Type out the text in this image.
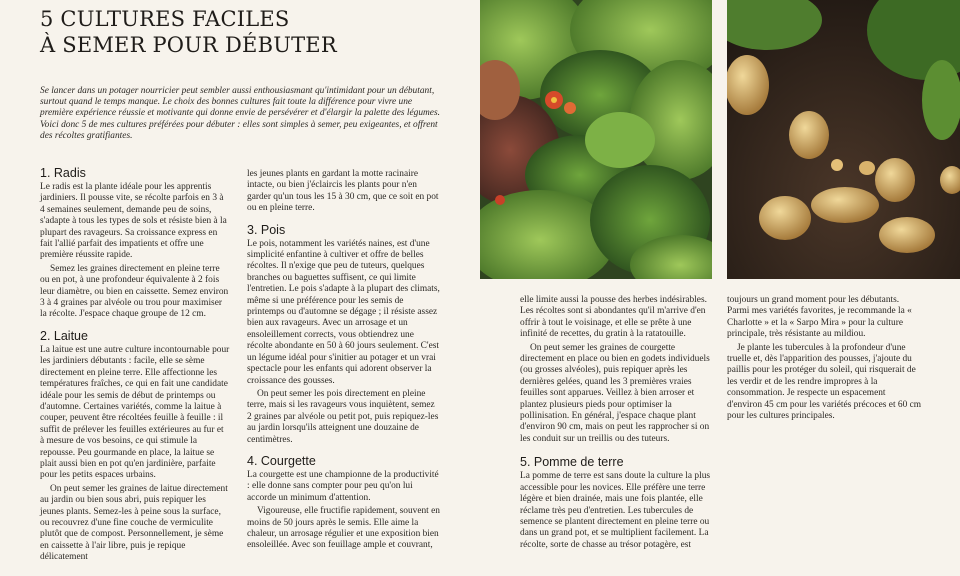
5 CULTURES FACILES
À SEMER POUR DÉBUTER

Se lancer dans un potager nourricier peut sembler aussi enthousiasmant qu'intimidant pour un débutant, surtout quand le temps manque. Le choix des bonnes cultures fait toute la différence pour vivre une première expérience réussie et motivante qui donne envie de persévérer et d'élargir la palette des légumes. Voici donc 5 de mes cultures préférées pour débuter : elles sont simples à semer, peu exigeantes, et offrent des récoltes gratifiantes.

1. Radis

Le radis est la plante idéale pour les apprentis jardiniers. Il pousse vite, se récolte parfois en 3 à 4 semaines seulement, demande peu de soins, s'adapte à tous les types de sols et résiste bien à la plupart des ravageurs. Sa croissance express en fait l'allié parfait des impatients et offre une première réussite rapide.

Semez les graines directement en pleine terre ou en pot, à une profondeur équivalente à 2 fois leur diamètre, ou bien en caissette. Semez environ 3 à 4 graines par alvéole ou trou pour maximiser la récolte. J'espace chaque groupe de 12 cm.

2. Laitue

La laitue est une autre culture incontournable pour les jardiniers débutants : facile, elle se sème directement en pleine terre. Elle affectionne les températures fraîches, ce qui en fait une candidate idéale pour les semis de début de printemps ou d'automne. Certaines variétés, comme la laitue à couper, peuvent être récoltées feuille à feuille : il suffit de prélever les feuilles extérieures au fur et à mesure de vos besoins, ce qui stimule la repousse. Peu gourmande en place, la laitue se plait aussi bien en pot qu'en jardinière, parfaite pour les petits espaces urbains.

On peut semer les graines de laitue directement au jardin ou bien sous abri, puis repiquer les jeunes plants. Semez-les à peine sous la surface, ou recouvrez d'une fine couche de vermiculite plutôt que de compost. Personnellement, je sème en caissette à l'air libre, puis je repique délicatement

les jeunes plants en gardant la motte racinaire intacte, ou bien j'éclaircis les plants pour n'en garder qu'un tous les 15 à 30 cm, que ce soit en pot ou en pleine terre.

3. Pois

Le pois, notamment les variétés naines, est d'une simplicité enfantine à cultiver et offre de belles récoltes. Il n'exige que peu de tuteurs, quelques branches ou baguettes suffisent, ce qui limite l'entretien. Le pois s'adapte à la plupart des climats, même si une préférence pour les semis de printemps ou d'automne se dégage ; il résiste assez bien aux ravageurs. Avec un arrosage et un ensoleillement corrects, vous obtiendrez une récolte abondante en 50 à 60 jours seulement. C'est un légume idéal pour s'initier au potager et un vrai spectacle pour les enfants qui adorent observer la croissance des gousses.

On peut semer les pois directement en pleine terre, mais si les ravageurs vous inquiètent, semez 2 graines par alvéole ou petit pot, puis repiquez-les au jardin lorsqu'ils atteignent une douzaine de centimètres.

4. Courgette

La courgette est une championne de la productivité : elle donne sans compter pour peu qu'on lui accorde un minimum d'attention.

Vigoureuse, elle fructifie rapidement, souvent en moins de 50 jours après le semis. Elle aime la chaleur, un arrosage régulier et une exposition bien ensoleillée. Avec son feuillage ample et couvrant,

elle limite aussi la pousse des herbes indésirables. Les récoltes sont si abondantes qu'il m'arrive d'en offrir à tout le voisinage, et elle se prête à une infinité de recettes, du gratin à la ratatouille.

On peut semer les graines de courgette directement en place ou bien en godets individuels (ou grosses alvéoles), puis repiquer après les dernières gelées, quand les 3 premières vraies feuilles sont apparues. Veillez à bien arroser et plantez plusieurs pieds pour optimiser la pollinisation. En général, j'espace chaque plant d'environ 90 cm, mais on peut les rapprocher si on les conduit sur un treillis ou des tuteurs.

5. Pomme de terre

La pomme de terre est sans doute la culture la plus accessible pour les novices. Elle préfère une terre légère et bien drainée, mais une fois plantée, elle réclame très peu d'entretien. Les tubercules de semence se plantent directement en pleine terre ou dans un grand pot, et se multiplient facilement. La récolte, sorte de chasse au trésor potagère, est

toujours un grand moment pour les débutants. Parmi mes variétés favorites, je recommande la « Charlotte » et la « Sarpo Mira » pour la culture principale, très résistante au mildiou.

Je plante les tubercules à la profondeur d'une truelle et, dès l'apparition des pousses, j'ajoute du paillis pour les protéger du soleil, qui risquerait de les verdir et de les rendre impropres à la consommation. Je respecte un espacement d'environ 45 cm pour les variétés précoces et 60 cm pour les cultures principales.
